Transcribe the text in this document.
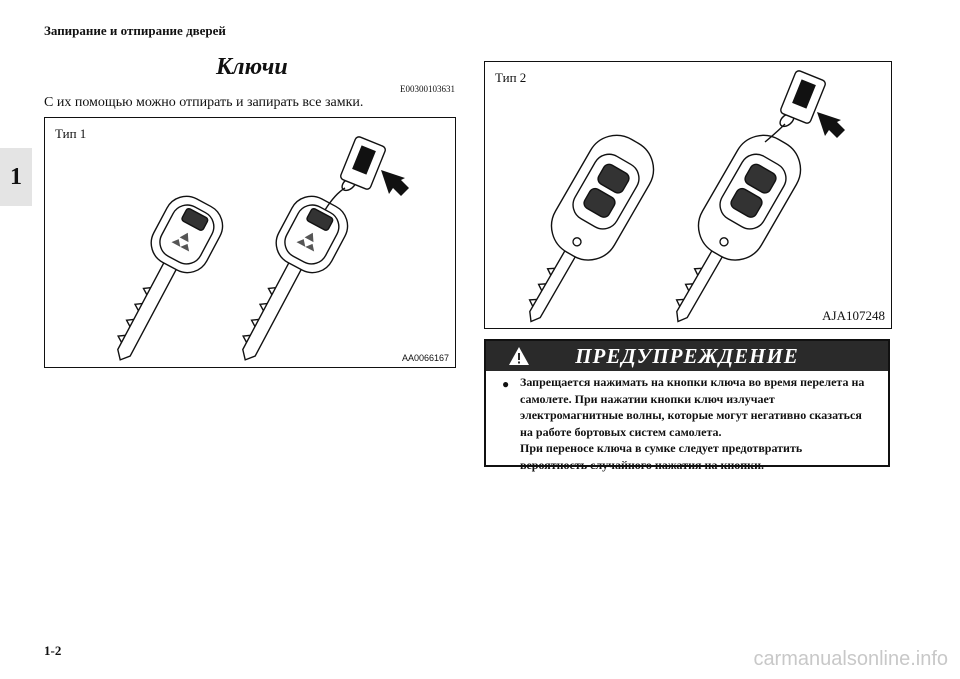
Запирание и отпирание дверей
1
Ключи
E00300103631
С их помощью можно отпирать и запирать все замки.
Тип 1
AA0066167
Тип 2
AJA107248
ПРЕДУПРЕЖДЕНИЕ
● Запрещается нажимать на кнопки ключа во время перелета на самолете. При нажатии кнопки ключ излучает электромагнитные волны, которые могут негативно сказаться на работе бортовых систем самолета.

При переносе ключа в сумке следует предотвратить вероятность случайного нажатия на кнопки.

1-2	carmanualsonline.info
